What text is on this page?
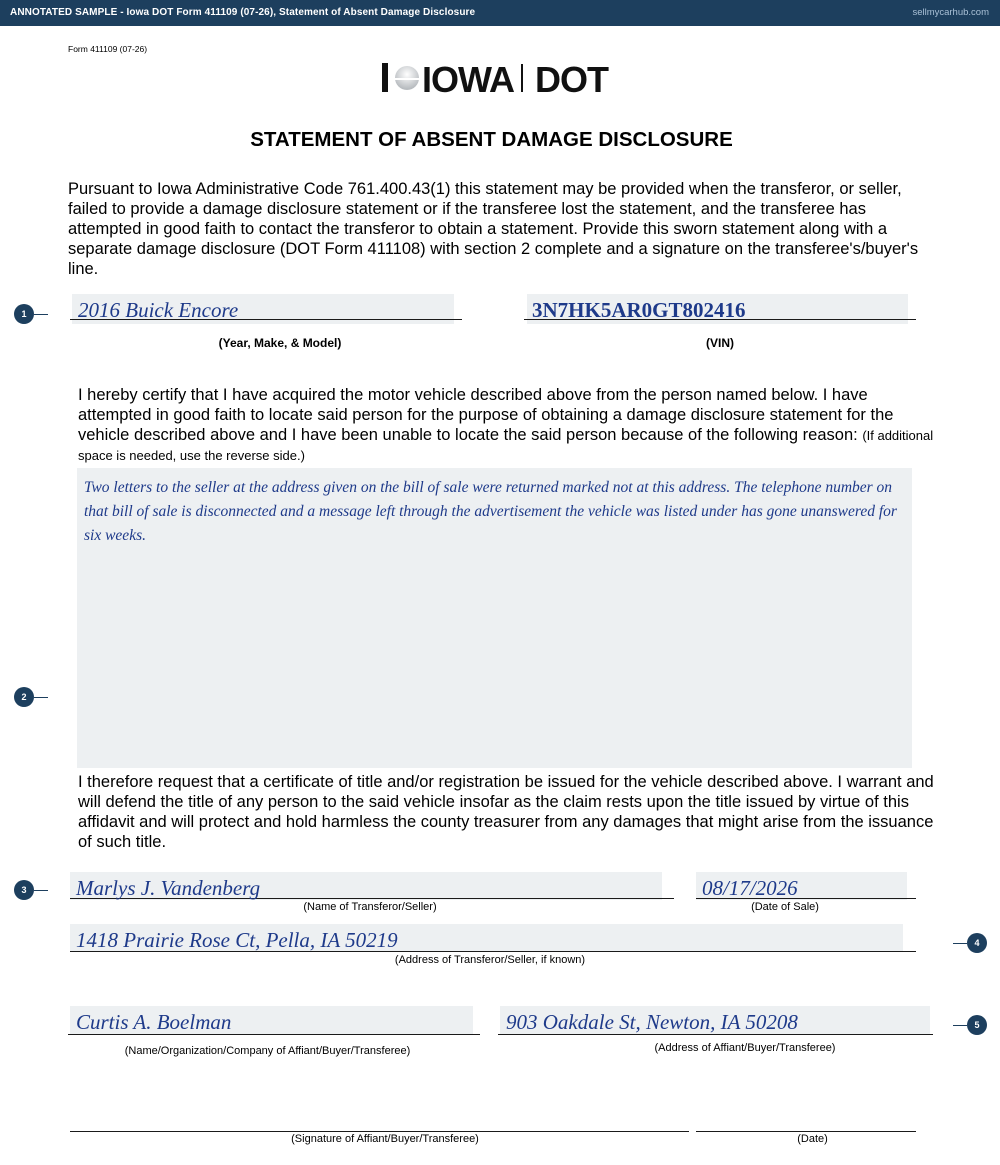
ANNOTATED SAMPLE - Iowa DOT Form 411109 (07-26), Statement of Absent Damage Disclosure	sellmycarhub.com
Form 411109 (07-26)
IOWA DOT
STATEMENT OF ABSENT DAMAGE DISCLOSURE

Pursuant to Iowa Administrative Code 761.400.43(1) this statement may be provided when the transferor, or seller, failed to provide a damage disclosure statement or if the transferee lost the statement, and the transferee has attempted in good faith to contact the transferor to obtain a statement. Provide this sworn statement along with a separate damage disclosure (DOT Form 411108) with section 2 complete and a signature on the transferee's/buyer's line.

2016 Buick Encore
(Year, Make, & Model)
3N7HK5AR0GT802416
(VIN)

I hereby certify that I have acquired the motor vehicle described above from the person named below. I have attempted in good faith to locate said person for the purpose of obtaining a damage disclosure statement for the vehicle described above and I have been unable to locate the said person because of the following reason: (If additional space is needed, use the reverse side.)

Two letters to the seller at the address given on the bill of sale were returned marked not at this address. The telephone number on that bill of sale is disconnected and a message left through the advertisement the vehicle was listed under has gone unanswered for six weeks.

I therefore request that a certificate of title and/or registration be issued for the vehicle described above. I warrant and will defend the title of any person to the said vehicle insofar as the claim rests upon the title issued by virtue of this affidavit and will protect and hold harmless the county treasurer from any damages that might arise from the issuance of such title.

Marlys J. Vandenberg
(Name of Transferor/Seller)
08/17/2026
(Date of Sale)
1418 Prairie Rose Ct, Pella, IA 50219
(Address of Transferor/Seller, if known)
Curtis A. Boelman
(Name/Organization/Company of Affiant/Buyer/Transferee)
903 Oakdale St, Newton, IA 50208
(Address of Affiant/Buyer/Transferee)
(Signature of Affiant/Buyer/Transferee)	(Date)
1
2
3
4
5
